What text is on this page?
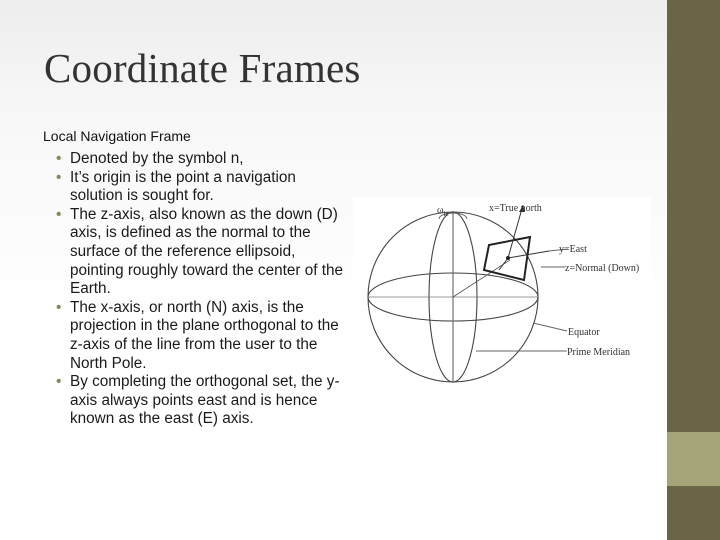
Coordinate Frames
Local Navigation Frame
• Denoted by the symbol n,
• It’s origin is the point a navigation solution is sought for.
• The z-axis, also known as the down (D) axis, is defined as the normal to the surface of the reference ellipsoid, pointing roughly toward the center of the Earth.
• The x-axis, or north (N) axis, is the projection in the plane orthogonal to the z-axis of the line from the user to the North Pole.
• By completing the orthogonal set, the y-axis always points east and is hence known as the east (E) axis.
$\omega_{ie}$	x=True north
y=East
z=Normal (Down)
Equator
Prime Meridian
